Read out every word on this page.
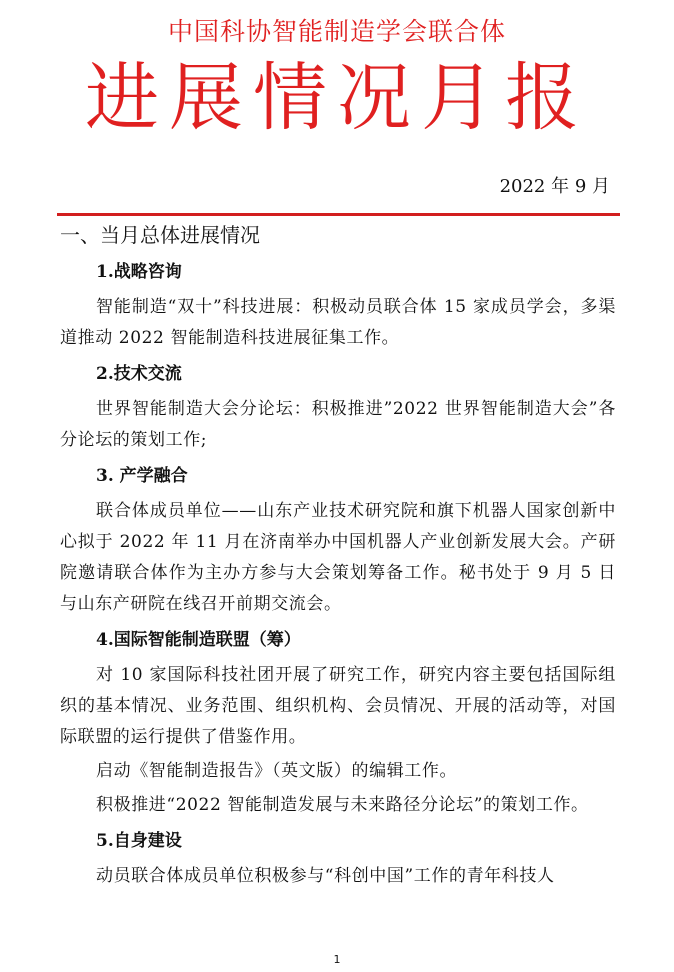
中国科协智能制造学会联合体
进展情况月报
2022 年 9 月
一、当月总体进展情况
1.战略咨询
智能制造“双十”科技进展：积极动员联合体 15 家成员学会，多渠道推动 2022 智能制造科技进展征集工作。
2.技术交流
世界智能制造大会分论坛：积极推进”2022 世界智能制造大会”各分论坛的策划工作;
3. 产学融合
联合体成员单位——山东产业技术研究院和旗下机器人国家创新中心拟于 2022 年 11 月在济南举办中国机器人产业创新发展大会。产研院邀请联合体作为主办方参与大会策划筹备工作。秘书处于 9 月 5 日与山东产研院在线召开前期交流会。
4.国际智能制造联盟（筹）
对 10 家国际科技社团开展了研究工作，研究内容主要包括国际组织的基本情况、业务范围、组织机构、会员情况、开展的活动等，对国际联盟的运行提供了借鉴作用。
启动《智能制造报告》（英文版）的编辑工作。
积极推进“2022 智能制造发展与未来路径分论坛”的策划工作。
5.自身建设
动员联合体成员单位积极参与“科创中国”工作的青年科技人
1
